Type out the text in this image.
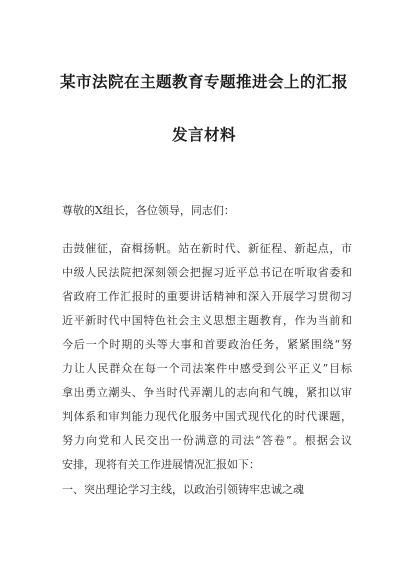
某市法院在主题教育专题推进会上的汇报
发言材料
尊敬的X组长，各位领导，同志们：
击鼓催征，奋楫扬帆。站在新时代、新征程、新起点，市
中级人民法院把深刻领会把握习近平总书记在听取省委和
省政府工作汇报时的重要讲话精神和深入开展学习贯彻习
近平新时代中国特色社会主义思想主题教育，作为当前和
今后一个时期的头等大事和首要政治任务，紧紧围绕“努
力让人民群众在每一个司法案件中感受到公平正义”目标
拿出勇立潮头、争当时代弄潮儿的志向和气魄，紧扣以审
判体系和审判能力现代化服务中国式现代化的时代课题，
努力向党和人民交出一份满意的司法“答卷”。根据会议
安排，现将有关工作进展情况汇报如下：
一、突出理论学习主线，以政治引领铸牢忠诚之魂
